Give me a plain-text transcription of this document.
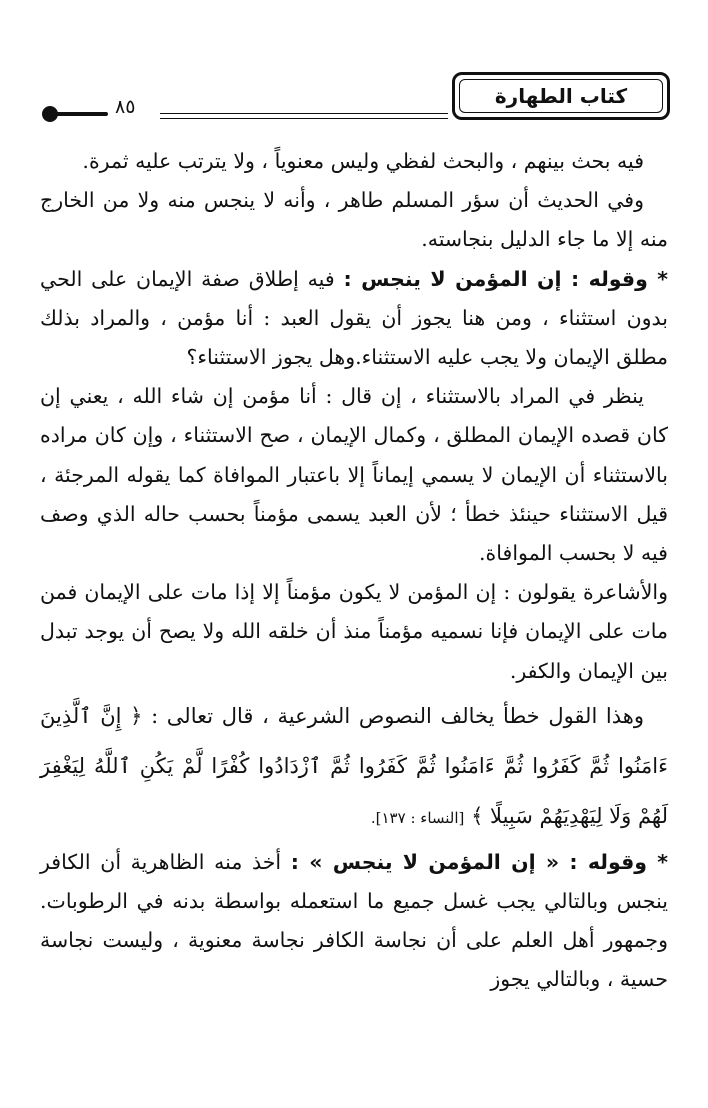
كتاب الطهارة
٨٥

فيه بحث بينهم ، والبحث لفظي وليس معنوياً ، ولا يترتب عليه ثمرة.

وفي الحديث أن سؤر المسلم طاهر ، وأنه لا ينجس منه ولا من الخارج منه إلا ما جاء الدليل بنجاسته.

* وقوله : إن المؤمن لا ينجس : فيه إطلاق صفة الإيمان على الحي بدون استثناء ، ومن هنا يجوز أن يقول العبد : أنا مؤمن ، والمراد بذلك مطلق الإيمان ولا يجب عليه الاستثناء.وهل يجوز الاستثناء؟

ينظر في المراد بالاستثناء ، إن قال : أنا مؤمن إن شاء الله ، يعني إن كان قصده الإيمان المطلق ، وكمال الإيمان ، صح الاستثناء ، وإن كان مراده بالاستثناء أن الإيمان لا يسمي إيماناً إلا باعتبار الموافاة كما يقوله المرجئة ، قيل الاستثناء حينئذ خطأ ؛ لأن العبد يسمى مؤمناً بحسب حاله الذي وصف فيه لا بحسب الموافاة.

والأشاعرة يقولون : إن المؤمن لا يكون مؤمناً إلا إذا مات على الإيمان فمن مات على الإيمان فإنا نسميه مؤمناً منذ أن خلقه الله ولا يصح أن يوجد تبدل بين الإيمان والكفر.

وهذا القول خطأ يخالف النصوص الشرعية ، قال تعالى : ﴿ إِنَّ ٱلَّذِينَ ءَامَنُوا ثُمَّ كَفَرُوا ثُمَّ ءَامَنُوا ثُمَّ كَفَرُوا ثُمَّ ٱزْدَادُوا كُفْرًا لَّمْ يَكُنِ ٱللَّهُ لِيَغْفِرَ لَهُمْ وَلَا لِيَهْدِيَهُمْ سَبِيلًا ﴾ [النساء : ١٣٧].

* وقوله : « إن المؤمن لا ينجس » : أخذ منه الظاهرية أن الكافر ينجس وبالتالي يجب غسل جميع ما استعمله بواسطة بدنه في الرطوبات. وجمهور أهل العلم على أن نجاسة الكافر نجاسة معنوية ، وليست نجاسة حسية ، وبالتالي يجوز
